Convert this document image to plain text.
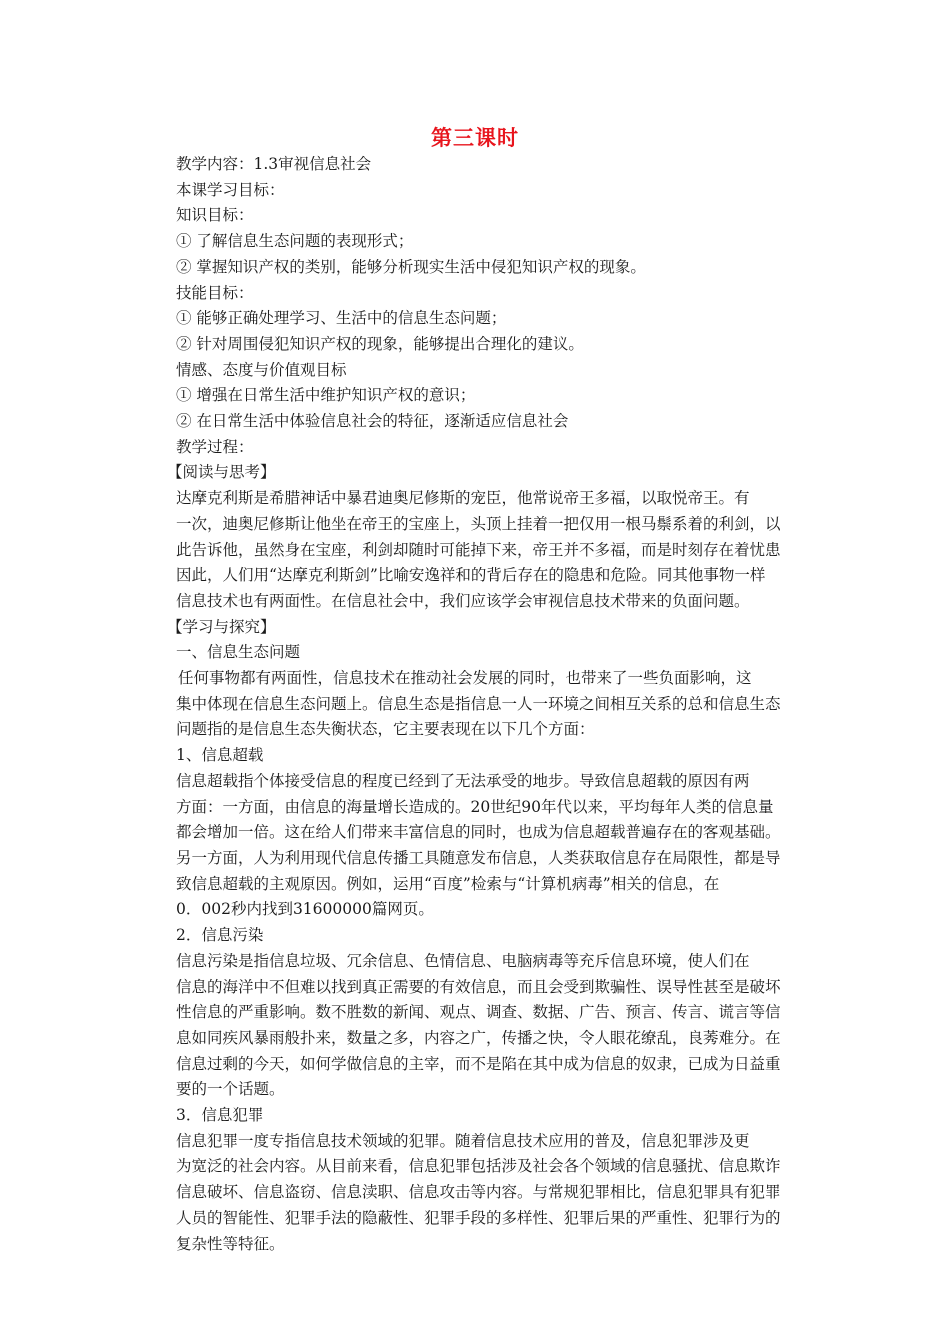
第三课时
教学内容：1.3审视信息社会
本课学习目标：
知识目标：
① 了解信息生态问题的表现形式；
② 掌握知识产权的类别，能够分析现实生活中侵犯知识产权的现象。
技能目标：
① 能够正确处理学习、生活中的信息生态问题；
② 针对周围侵犯知识产权的现象，能够提出合理化的建议。
情感、态度与价值观目标
① 增强在日常生活中维护知识产权的意识；
② 在日常生活中体验信息社会的特征，逐渐适应信息社会
教学过程：
【阅读与思考】
达摩克利斯是希腊神话中暴君迪奥尼修斯的宠臣，他常说帝王多福，以取悦帝王。有
一次，迪奥尼修斯让他坐在帝王的宝座上，头顶上挂着一把仅用一根马鬃系着的利剑，以
此告诉他，虽然身在宝座，利剑却随时可能掉下来，帝王并不多福，而是时刻存在着忧患
因此，人们用“达摩克利斯剑”比喻安逸祥和的背后存在的隐患和危险。同其他事物一样
信息技术也有两面性。在信息社会中，我们应该学会审视信息技术带来的负面问题。
【学习与探究】
一、信息生态问题
任何事物都有两面性，信息技术在推动社会发展的同时，也带来了一些负面影响，这
集中体现在信息生态问题上。信息生态是指信息一人一环境之间相互关系的总和信息生态
问题指的是信息生态失衡状态，它主要表现在以下几个方面：
1、信息超载
信息超载指个体接受信息的程度已经到了无法承受的地步。导致信息超载的原因有两
方面：一方面，由信息的海量增长造成的。20世纪90年代以来，平均每年人类的信息量
都会增加一倍。这在给人们带来丰富信息的同时，也成为信息超载普遍存在的客观基础。
另一方面，人为利用现代信息传播工具随意发布信息，人类获取信息存在局限性，都是导
致信息超载的主观原因。例如，运用“百度”检索与“计算机病毒”相关的信息，在
0．002秒内找到31600000篇网页。
2．信息污染
信息污染是指信息垃圾、冗余信息、色情信息、电脑病毒等充斥信息环境，使人们在
信息的海洋中不但难以找到真正需要的有效信息，而且会受到欺骗性、误导性甚至是破坏
性信息的严重影响。数不胜数的新闻、观点、调查、数据、广告、预言、传言、谎言等信
息如同疾风暴雨般扑来，数量之多，内容之广，传播之快，令人眼花缭乱，良莠难分。在
信息过剩的今天，如何学做信息的主宰，而不是陷在其中成为信息的奴隶，已成为日益重
要的一个话题。
3．信息犯罪
信息犯罪一度专指信息技术领域的犯罪。随着信息技术应用的普及，信息犯罪涉及更
为宽泛的社会内容。从目前来看，信息犯罪包括涉及社会各个领域的信息骚扰、信息欺诈
信息破坏、信息盗窃、信息渎职、信息攻击等内容。与常规犯罪相比，信息犯罪具有犯罪
人员的智能性、犯罪手法的隐蔽性、犯罪手段的多样性、犯罪后果的严重性、犯罪行为的
复杂性等特征。
